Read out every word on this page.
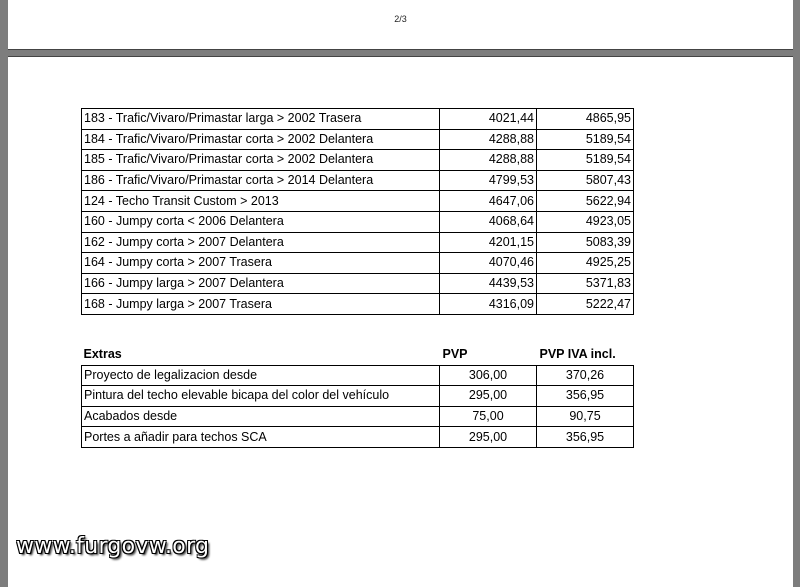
2/3
183 - Trafic/Vivaro/Primastar larga > 2002 Trasera	4021,44	4865,95
184 - Trafic/Vivaro/Primastar corta > 2002 Delantera	4288,88	5189,54
185 - Trafic/Vivaro/Primastar corta > 2002 Delantera	4288,88	5189,54
186 - Trafic/Vivaro/Primastar corta > 2014 Delantera	4799,53	5807,43
124 - Techo Transit Custom > 2013	4647,06	5622,94
160 - Jumpy corta < 2006 Delantera	4068,64	4923,05
162 - Jumpy corta > 2007 Delantera	4201,15	5083,39
164 - Jumpy corta > 2007 Trasera	4070,46	4925,25
166 - Jumpy larga > 2007 Delantera	4439,53	5371,83
168 - Jumpy larga > 2007 Trasera	4316,09	5222,47
Extras	PVP	PVP IVA incl.
Proyecto de legalizacion desde	306,00	370,26
Pintura del techo elevable bicapa del color del vehículo	295,00	356,95
Acabados desde	75,00	90,75
Portes a añadir para techos SCA	295,00	356,95
www.furgovw.org
